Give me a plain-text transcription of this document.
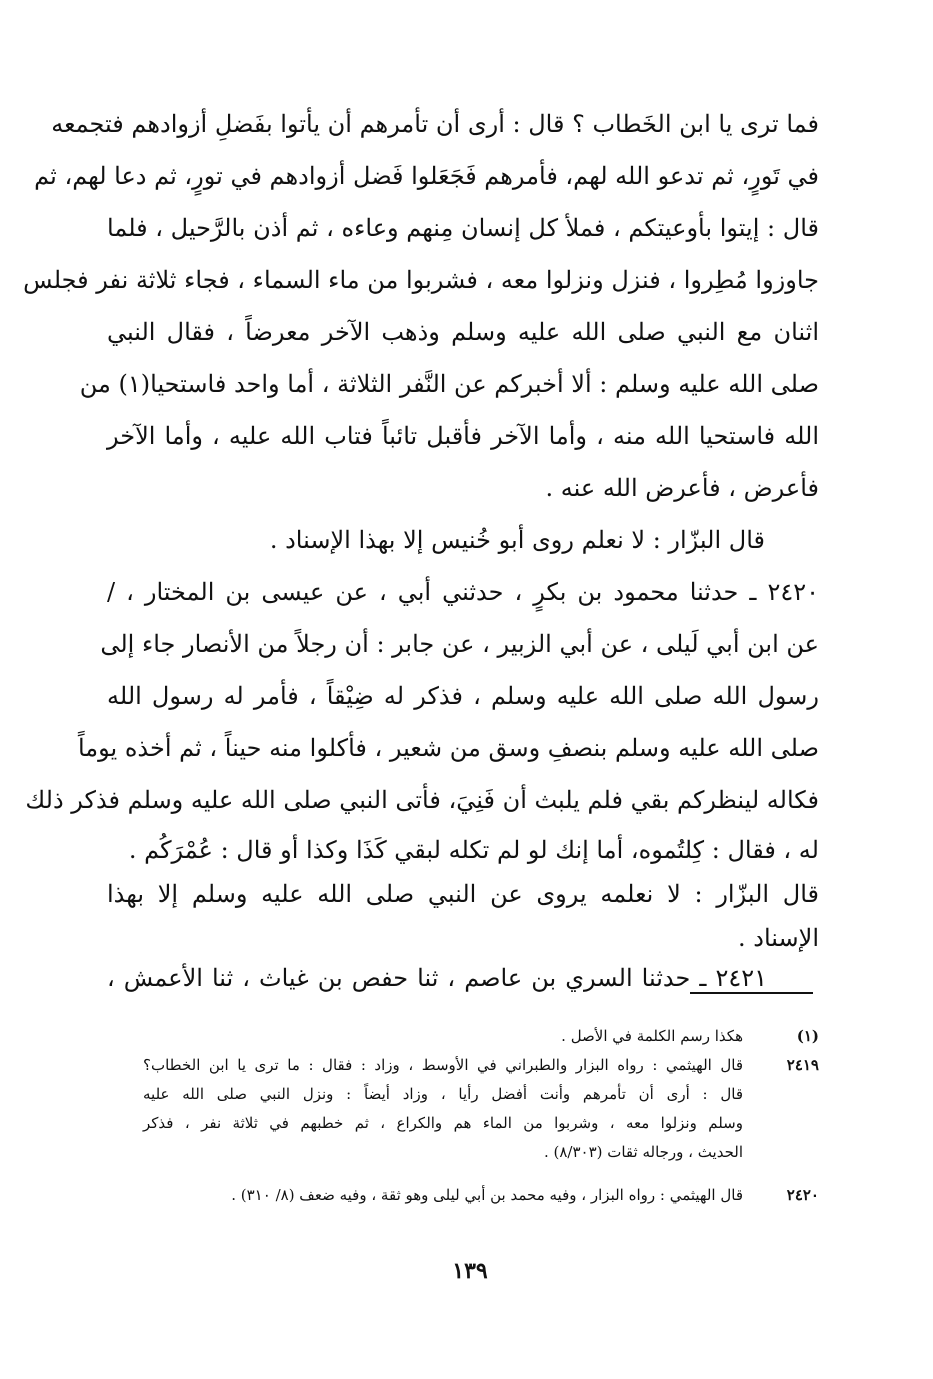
فما ترى يا ابن الخَطاب ؟ قال : أرى أن تأمرهم أن يأتوا بفَضلِ أزوادهم فتجمعه
في تَورٍ، ثم تدعو الله لهم، فأمرهم فَجَعَلوا فَضل أزوادهم في تورٍ، ثم دعا لهم، ثم
قال : إيتوا بأوعيتكم ، فملأ كل إنسان مِنهم وعاءه ، ثم أذن بالرَّحيل ، فلما
جاوزوا مُطِروا ، فنزل ونزلوا معه ، فشربوا من ماء السماء ، فجاء ثلاثة نفر فجلس
اثنان مع النبي صلى الله عليه وسلم وذهب الآخر معرضاً ، فقال النبي
صلى الله عليه وسلم : ألا أخبركم عن النَّفر الثلاثة ، أما واحد فاستحيا(١) من
الله فاستحيا الله منه ، وأما الآخر فأقبل تائباً فتاب الله عليه ، وأما الآخر
فأعرض ، فأعرض الله عنه .
قال البزّار : لا نعلم روى أبو خُنيس إلا بهذا الإسناد .
٢٤٢٠ ـ حدثنا محمود بن بكرٍ ، حدثني أبي ، عن عيسى بن المختار ، /
عن ابن أبي لَيلى ، عن أبي الزبير ، عن جابر : أن رجلاً من الأنصار جاء إلى
رسول الله صلى الله عليه وسلم ، فذكر له ضِيْقاً ، فأمر له رسول الله
صلى الله عليه وسلم بنصفِ وسق من شعير ، فأكلوا منه حيناً ، ثم أخذه يوماً
فكاله لينظركم بقي فلم يلبث أن فَنِيَ، فأتى النبي صلى الله عليه وسلم فذكر ذلك
له ، فقال : كِلتُموه، أما إنك لو لم تكله لبقي كَذَا وكذا أو قال : عُمْرَكُم .
قال البزّار : لا نعلمه يروى عن النبي صلى الله عليه وسلم إلا بهذا
الإسناد .
٢٤٢١ ـ حدثنا السري بن عاصم ، ثنا حفص بن غياث ، ثنا الأعمش ،
(١)
هكذا رسم الكلمة في الأصل .
٢٤١٩
قال الهيثمي : رواه البزار والطبراني في الأوسط ، وزاد : فقال : ما ترى يا ابن الخطاب؟
قال : أرى أن تأمرهم وأنت أفضل رأيا ، وزاد أيضاً : ونزل النبي صلى الله عليه
وسلم ونزلوا معه ، وشربوا من الماء هم والكراع ، ثم خطبهم في ثلاثة نفر ، فذكر
الحديث ، ورجاله ثقات (٨/٣٠٣) .
٢٤٢٠
قال الهيثمي : رواه البزار ، وفيه محمد بن أبي ليلى وهو ثقة ، وفيه ضعف (٨/ ٣١٠) .
١٣٩
